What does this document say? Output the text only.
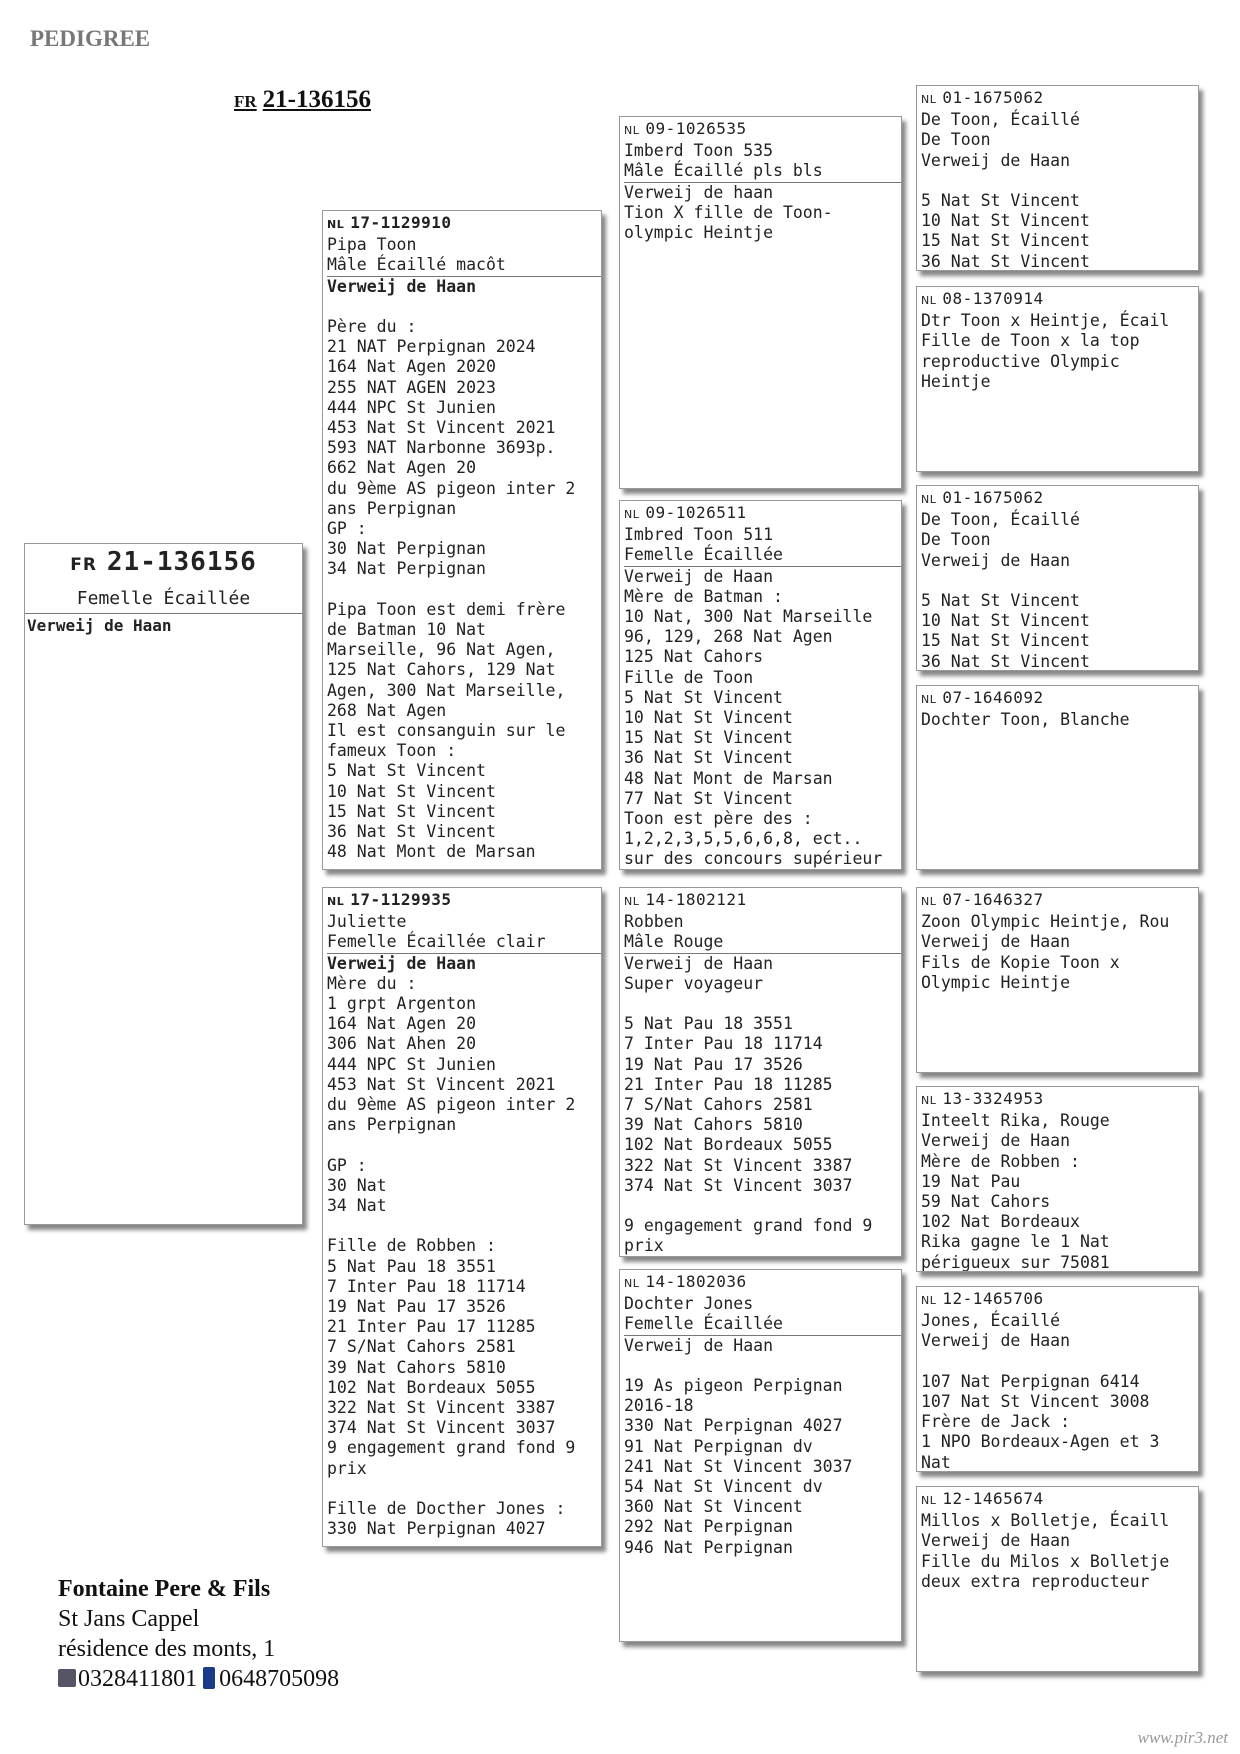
PEDIGREE
FR 21-136156
FR 21-136156
Femelle Écaillée
Verweij de Haan
NL 17-1129910
Pipa Toon
Mâle Écaillé macôt
Verweij de Haan
Père du :
21 NAT Perpignan 2024
164 Nat Agen 2020
255 NAT AGEN 2023
444 NPC St Junien
453 Nat St Vincent 2021
593 NAT Narbonne 3693p.
662 Nat Agen 20
du 9ème AS pigeon inter 2
ans Perpignan
GP :
30 Nat Perpignan
34 Nat Perpignan
Pipa Toon est demi frère
de Batman 10 Nat
Marseille, 96 Nat Agen,
125 Nat Cahors, 129 Nat
Agen, 300 Nat Marseille,
268 Nat Agen
Il est consanguin sur le
fameux Toon :
5 Nat St Vincent
10 Nat St Vincent
15 Nat St Vincent
36 Nat St Vincent
48 Nat Mont de Marsan
NL 17-1129935
Juliette
Femelle Écaillée clair
Verweij de Haan
Mère du :
1 grpt Argenton
164 Nat Agen 20
306 Nat Ahen 20
444 NPC St Junien
453 Nat St Vincent 2021
du 9ème AS pigeon inter 2
ans Perpignan
GP :
30 Nat
34 Nat
Fille de Robben :
5 Nat Pau 18 3551
7 Inter Pau 18 11714
19 Nat Pau 17 3526
21 Inter Pau 17 11285
7 S/Nat Cahors 2581
39 Nat Cahors 5810
102 Nat Bordeaux 5055
322 Nat St Vincent 3387
374 Nat St Vincent 3037
9 engagement grand fond 9
prix
Fille de Docther Jones :
330 Nat Perpignan 4027
NL 09-1026535
Imberd Toon 535
Mâle Écaillé pls bls
Verweij de haan
Tion X fille de Toon-
olympic Heintje
NL 09-1026511
Imbred Toon 511
Femelle Écaillée
Verweij de Haan
Mère de Batman :
10 Nat, 300 Nat Marseille
96, 129, 268 Nat Agen
125 Nat Cahors
Fille de Toon
5 Nat St Vincent
10 Nat St Vincent
15 Nat St Vincent
36 Nat St Vincent
48 Nat Mont de Marsan
77 Nat St Vincent
Toon est père des :
1,2,2,3,5,5,6,6,8, ect..
sur des concours supérieur
NL 14-1802121
Robben
Mâle Rouge
Verweij de Haan
Super voyageur
5 Nat Pau 18 3551
7 Inter Pau 18 11714
19 Nat Pau 17 3526
21 Inter Pau 18 11285
7 S/Nat Cahors 2581
39 Nat Cahors 5810
102 Nat Bordeaux 5055
322 Nat St Vincent 3387
374 Nat St Vincent 3037
9 engagement grand fond 9
prix
NL 14-1802036
Dochter Jones
Femelle Écaillée
Verweij de Haan
19 As pigeon Perpignan
2016-18
330 Nat Perpignan 4027
91 Nat Perpignan dv
241 Nat St Vincent 3037
54 Nat St Vincent dv
360 Nat St Vincent
292 Nat Perpignan
946 Nat Perpignan
NL 01-1675062
De Toon, Écaillé
De Toon
Verweij de Haan
5 Nat St Vincent
10 Nat St Vincent
15 Nat St Vincent
36 Nat St Vincent
NL 08-1370914
Dtr Toon x Heintje, Écail
Fille de Toon x la top
reproductive Olympic
Heintje
NL 01-1675062
De Toon, Écaillé
De Toon
Verweij de Haan
5 Nat St Vincent
10 Nat St Vincent
15 Nat St Vincent
36 Nat St Vincent
NL 07-1646092
Dochter Toon, Blanche
NL 07-1646327
Zoon Olympic Heintje, Rou
Verweij de Haan
Fils de Kopie Toon x
Olympic Heintje
NL 13-3324953
Inteelt Rika, Rouge
Verweij de Haan
Mère de Robben :
19 Nat Pau
59 Nat Cahors
102 Nat Bordeaux
Rika gagne le 1 Nat
périgueux sur 75081
NL 12-1465706
Jones, Écaillé
Verweij de Haan
107 Nat Perpignan 6414
107 Nat St Vincent 3008
Frère de Jack :
1 NPO Bordeaux-Agen et 3
Nat
NL 12-1465674
Millos x Bolletje, Écaill
Verweij de Haan
Fille du Milos x Bolletje
deux extra reproducteur
Fontaine Pere & Fils
St Jans Cappel
résidence des monts, 1
0328411801 0648705098
www.pir3.net
